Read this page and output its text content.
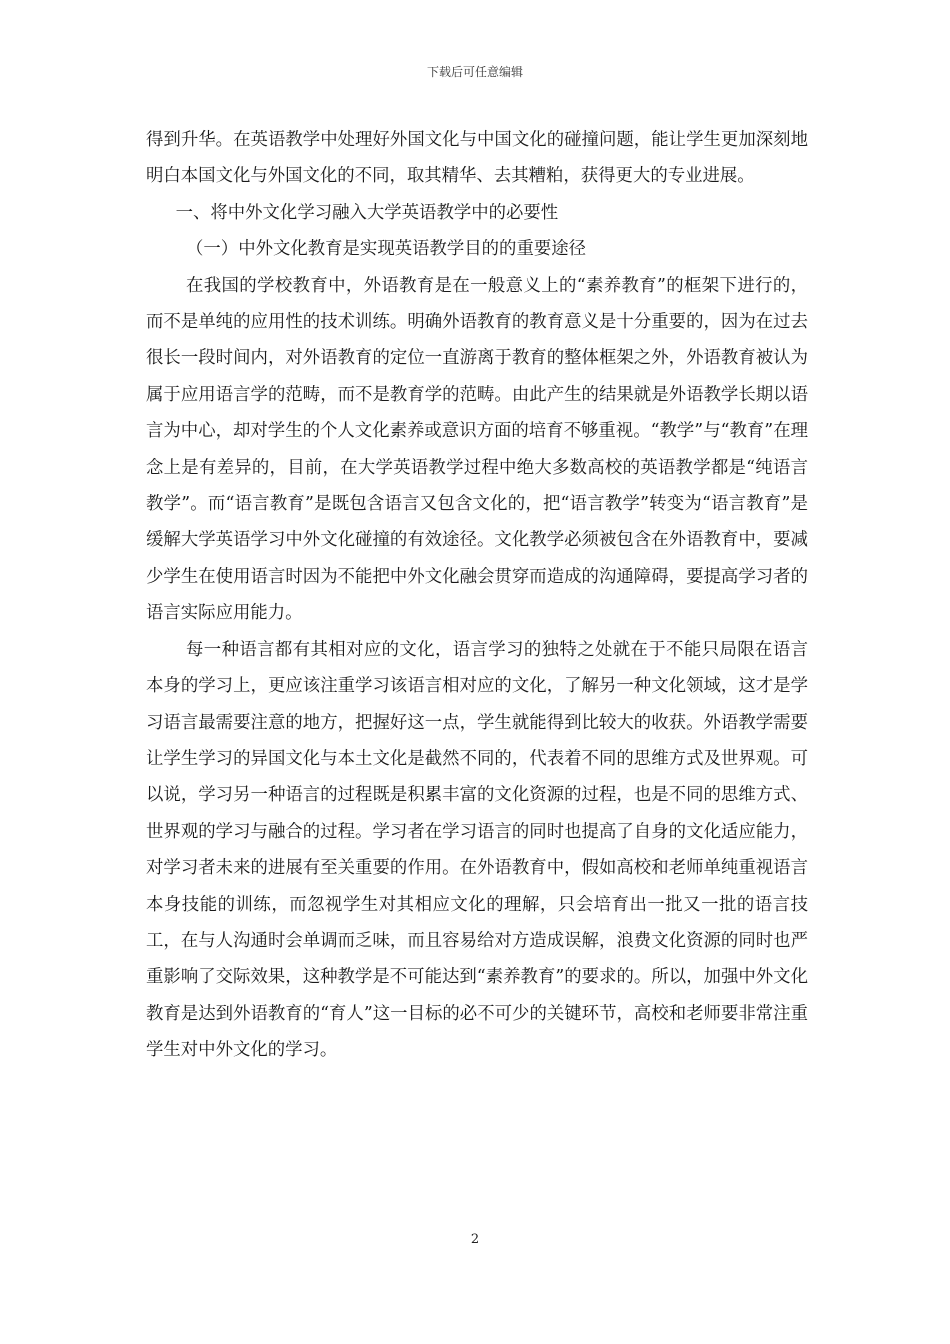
下载后可任意编辑

得到升华。在英语教学中处理好外国文化与中国文化的碰撞问题，能让学生更加深刻地明白本国文化与外国文化的不同，取其精华、去其糟粕，获得更大的专业进展。

一、将中外文化学习融入大学英语教学中的必要性

（一）中外文化教育是实现英语教学目的的重要途径

在我国的学校教育中，外语教育是在一般意义上的“素养教育”的框架下进行的，而不是单纯的应用性的技术训练。明确外语教育的教育意义是十分重要的，因为在过去很长一段时间内，对外语教育的定位一直游离于教育的整体框架之外，外语教育被认为属于应用语言学的范畴，而不是教育学的范畴。由此产生的结果就是外语教学长期以语言为中心，却对学生的个人文化素养或意识方面的培育不够重视。“教学”与“教育”在理念上是有差异的，目前，在大学英语教学过程中绝大多数高校的英语教学都是“纯语言教学”。而“语言教育”是既包含语言又包含文化的，把“语言教学”转变为“语言教育”是缓解大学英语学习中外文化碰撞的有效途径。文化教学必须被包含在外语教育中，要减少学生在使用语言时因为不能把中外文化融会贯穿而造成的沟通障碍，要提高学习者的语言实际应用能力。

每一种语言都有其相对应的文化，语言学习的独特之处就在于不能只局限在语言本身的学习上，更应该注重学习该语言相对应的文化，了解另一种文化领域，这才是学习语言最需要注意的地方，把握好这一点，学生就能得到比较大的收获。外语教学需要让学生学习的异国文化与本土文化是截然不同的，代表着不同的思维方式及世界观。可以说，学习另一种语言的过程既是积累丰富的文化资源的过程，也是不同的思维方式、世界观的学习与融合的过程。学习者在学习语言的同时也提高了自身的文化适应能力，对学习者未来的进展有至关重要的作用。在外语教育中，假如高校和老师单纯重视语言本身技能的训练，而忽视学生对其相应文化的理解，只会培育出一批又一批的语言技工，在与人沟通时会单调而乏味，而且容易给对方造成误解，浪费文化资源的同时也严重影响了交际效果，这种教学是不可能达到“素养教育”的要求的。所以，加强中外文化教育是达到外语教育的“育人”这一目标的必不可少的关键环节，高校和老师要非常注重学生对中外文化的学习。

2
